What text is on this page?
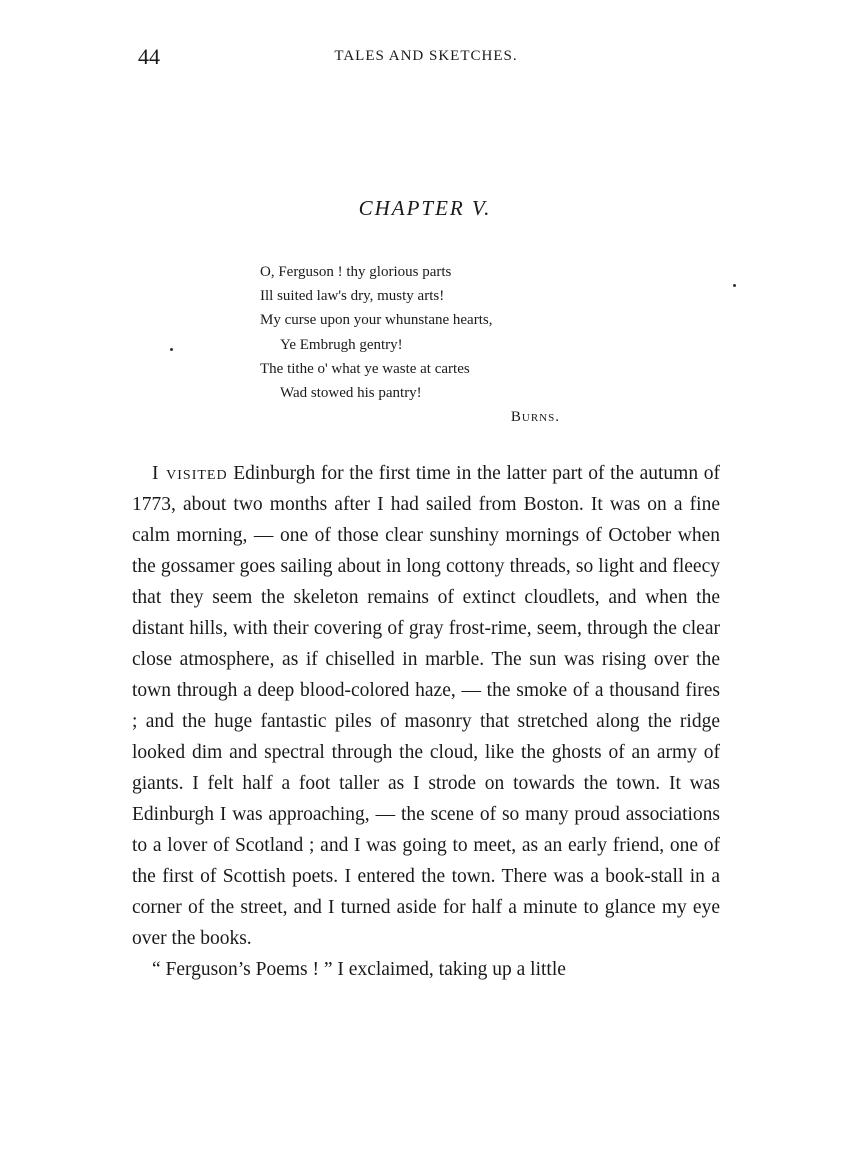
44	TALES AND SKETCHES.
CHAPTER V.
O, Ferguson ! thy glorious parts
Ill suited law's dry, musty arts!
My curse upon your whunstane hearts,
Ye Embrugh gentry!
The tithe o' what ye waste at cartes
Wad stowed his pantry!
Burns.

I visited Edinburgh for the first time in the latter part of the autumn of 1773, about two months after I had sailed from Boston. It was on a fine calm morning, — one of those clear sunshiny mornings of October when the gossamer goes sailing about in long cottony threads, so light and fleecy that they seem the skeleton remains of extinct cloudlets, and when the distant hills, with their covering of gray frost-rime, seem, through the clear close atmosphere, as if chiselled in marble. The sun was rising over the town through a deep blood-colored haze, — the smoke of a thousand fires ; and the huge fantastic piles of masonry that stretched along the ridge looked dim and spectral through the cloud, like the ghosts of an army of giants. I felt half a foot taller as I strode on towards the town. It was Edinburgh I was approaching, — the scene of so many proud associations to a lover of Scotland ; and I was going to meet, as an early friend, one of the first of Scottish poets. I entered the town. There was a book-stall in a corner of the street, and I turned aside for half a minute to glance my eye over the books.

“ Ferguson’s Poems ! ” I exclaimed, taking up a little
